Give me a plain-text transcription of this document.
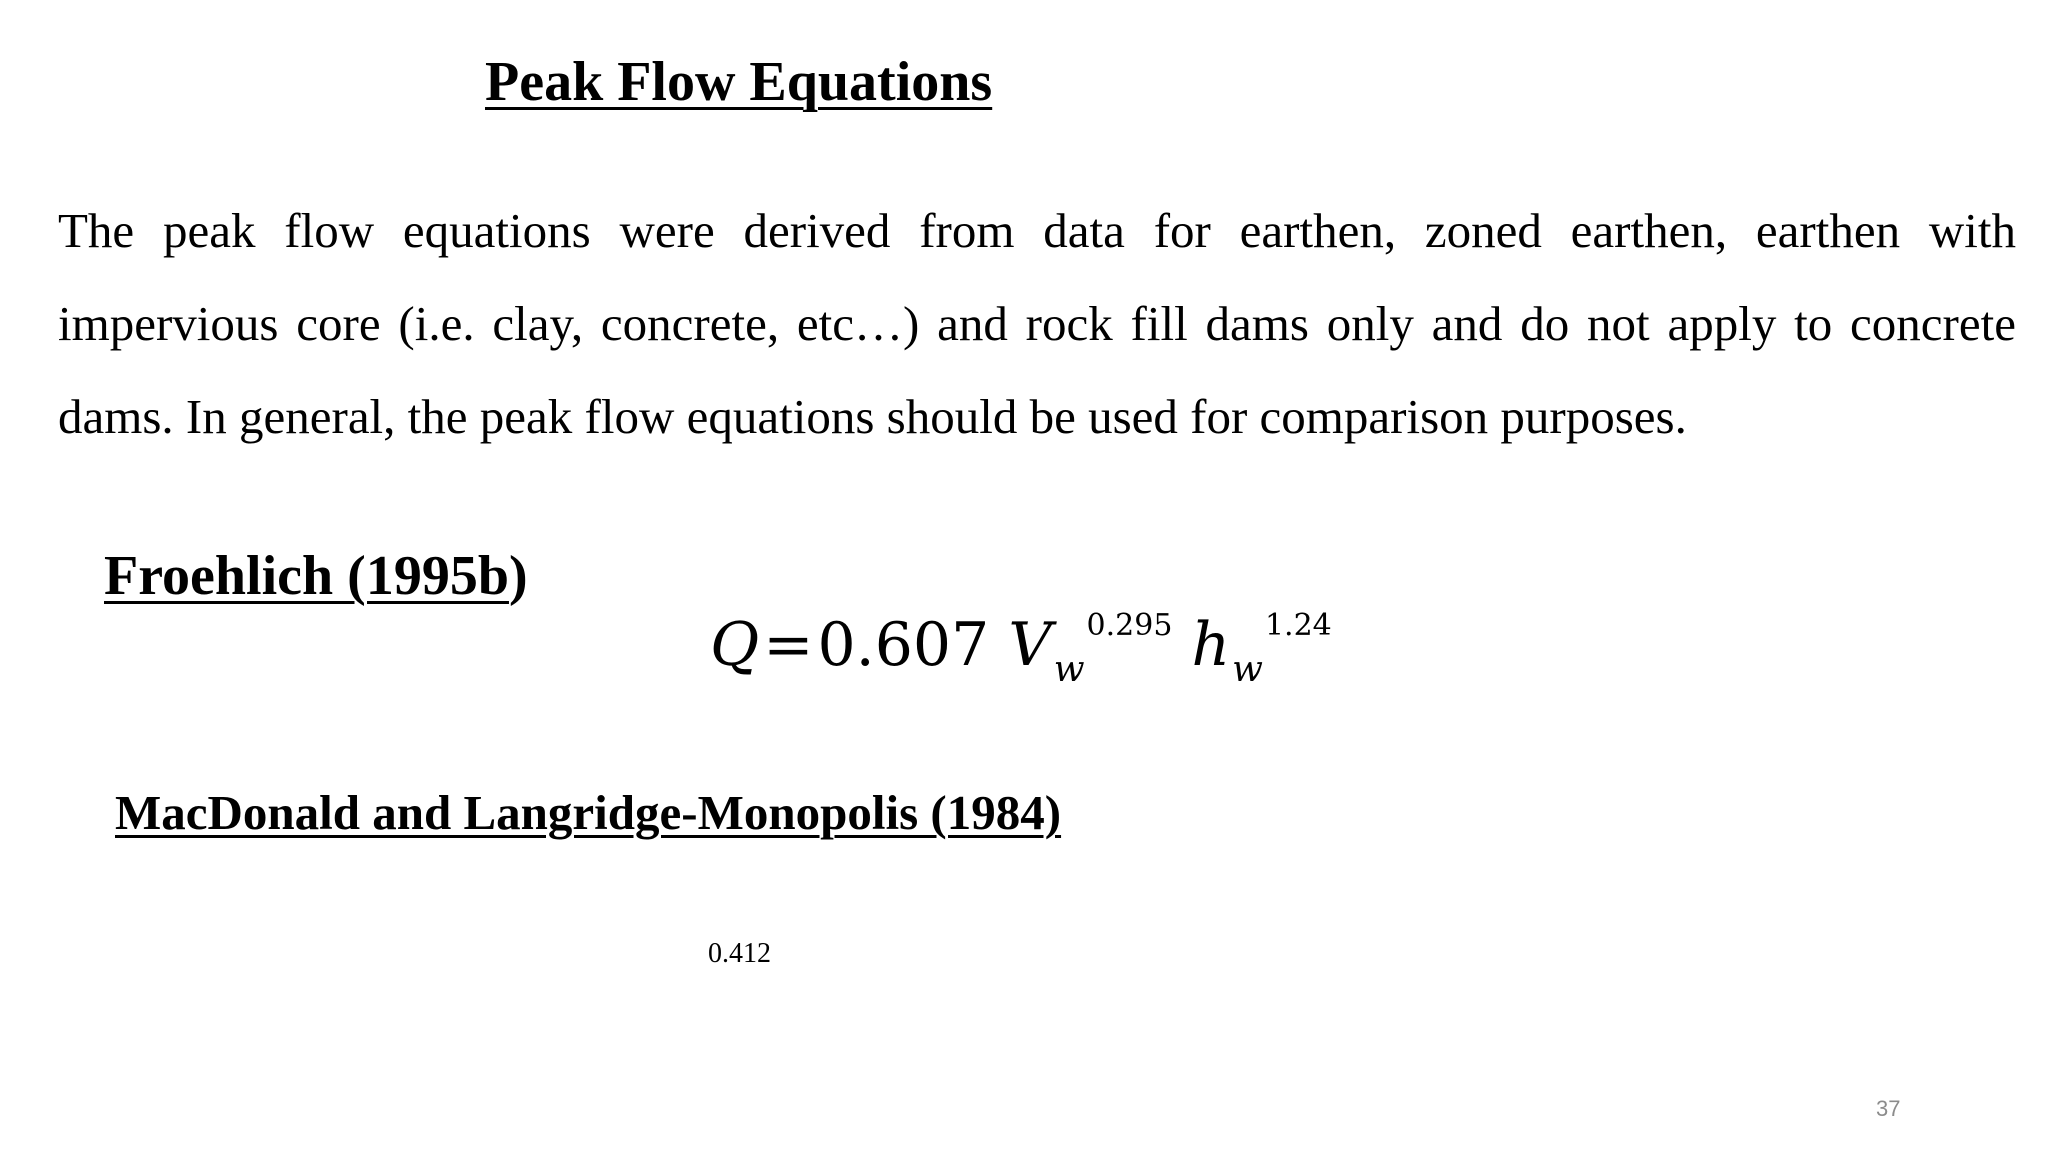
Peak Flow Equations
The peak flow equations were derived from data for earthen, zoned earthen, earthen with impervious core (i.e. clay, concrete, etc…) and rock fill dams only and do not apply to concrete dams. In general, the peak flow equations should be used for comparison purposes.
Froehlich (1995b)
Q=0.607 $V_w^{0.295}$ $h_w^{1.24}$
MacDonald and Langridge-Monopolis (1984)
0.412
37
